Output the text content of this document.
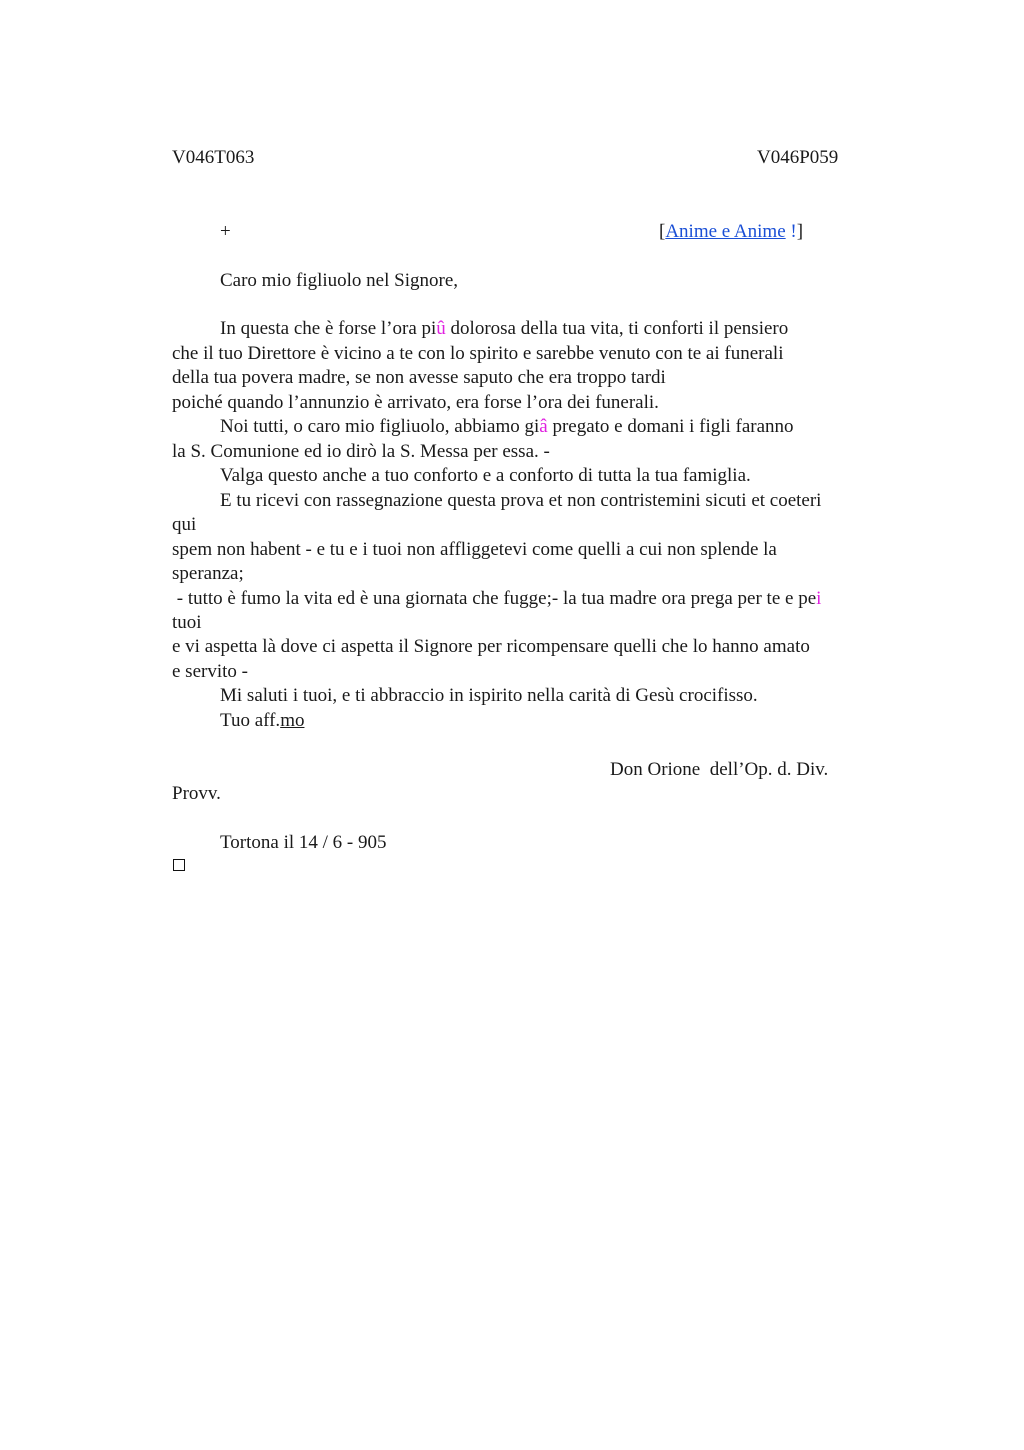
V046T063	V046P059
+	[Anime e Anime !]
Caro mio figliuolo nel Signore,
In questa che è forse l’ora piû dolorosa della tua vita, ti conforti il pensiero
che il tuo Direttore è vicino a te con lo spirito e sarebbe venuto con te ai funerali
della tua povera madre, se non avesse saputo che era troppo tardi
poiché quando l’annunzio è arrivato, era forse l’ora dei funerali.
Noi tutti, o caro mio figliuolo, abbiamo giâ pregato e domani i figli faranno
la S. Comunione ed io dirò la S. Messa per essa. -
Valga questo anche a tuo conforto e a conforto di tutta la tua famiglia.
E tu ricevi con rassegnazione questa prova et non contristemini sicuti et coeteri
qui
spem non habent - e tu e i tuoi non affliggetevi come quelli a cui non splende la
speranza;
- tutto è fumo la vita ed è una giornata che fugge;- la tua madre ora prega per te e pei
tuoi
e vi aspetta là dove ci aspetta il Signore per ricompensare quelli che lo hanno amato
e servito -
Mi saluti i tuoi, e ti abbraccio in ispirito nella carità di Gesù crocifisso.
Tuo aff.mo
Don Orione  dell’Op. d. Div.
Provv.
Tortona il 14 / 6 - 905
